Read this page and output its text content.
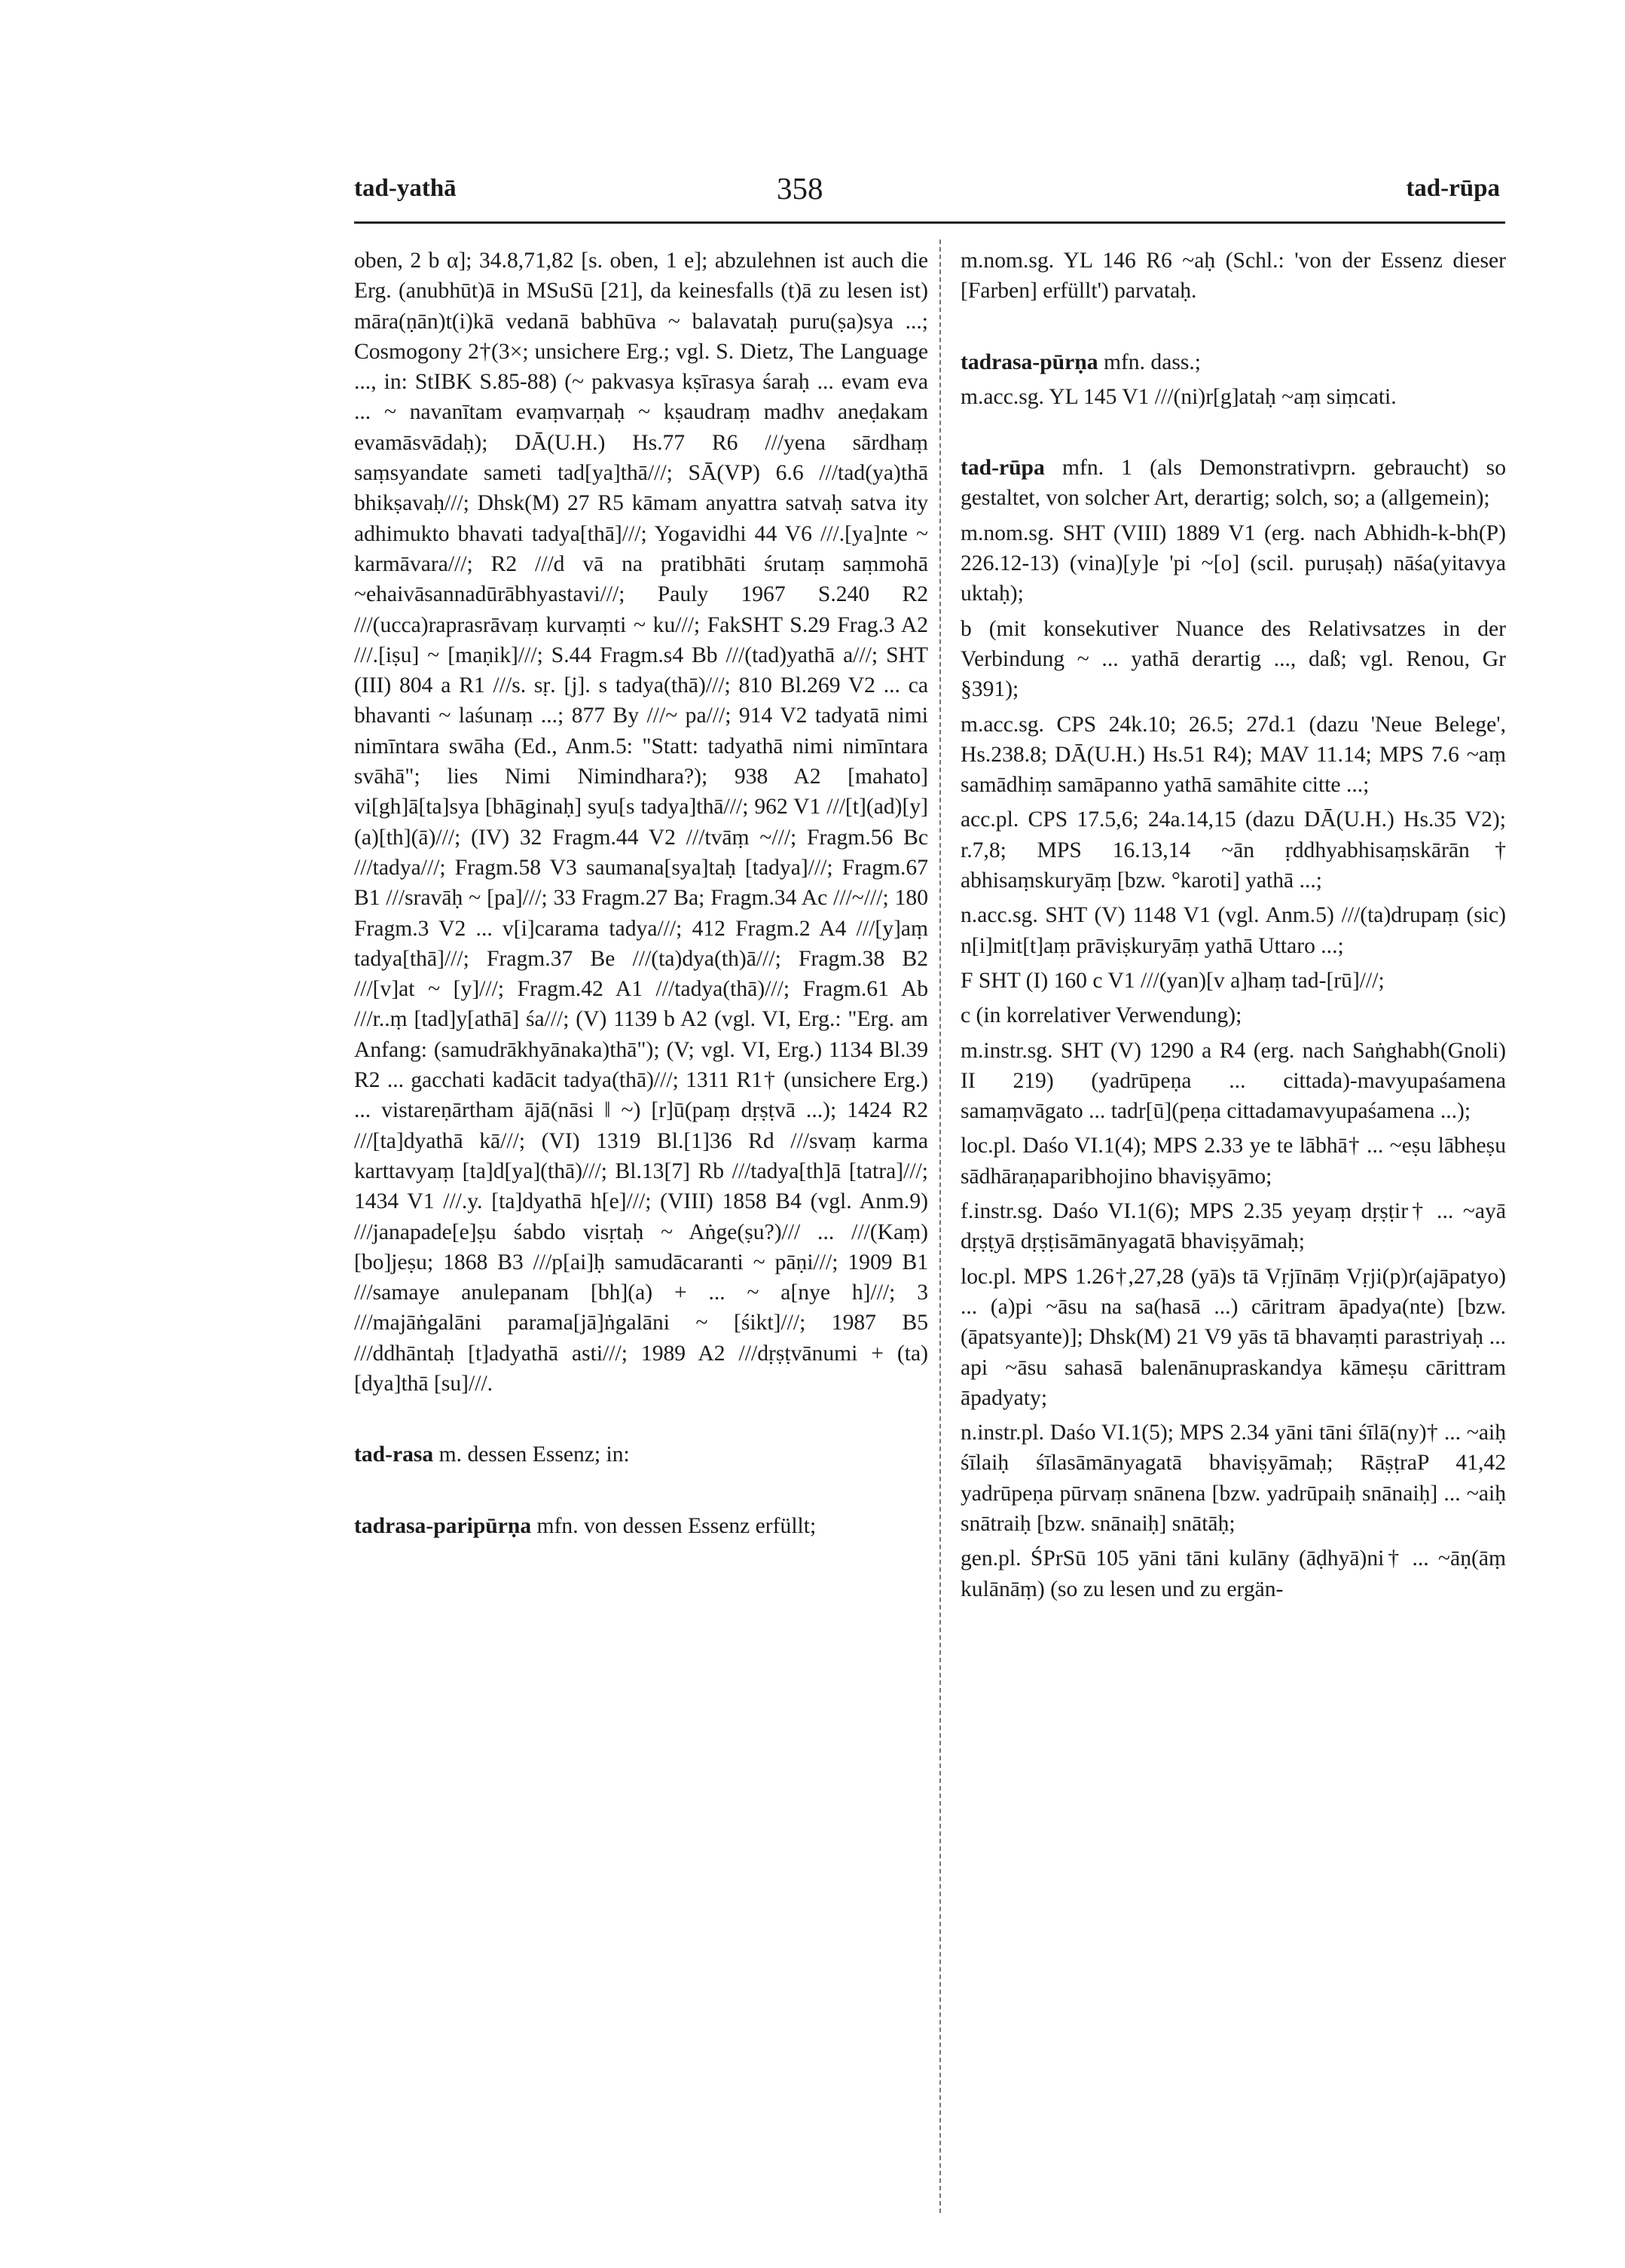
tad-yathā	358	tad-rūpa

oben, 2 b α]; 34.8,71,82 [s. oben, 1 e]; abzulehnen ist auch die Erg. (anubhūt)ā in MSuSū [21], da keinesfalls (t)ā zu lesen ist) māra(ṇān)t(i)kā vedanā babhūva ~ balavataḥ puru(ṣa)sya ...; Cosmogony 2†(3×; unsichere Erg.; vgl. S. Dietz, The Language ..., in: StIBK S.85-88) (~ pakvasya kṣīrasya śaraḥ ... evam eva ... ~ navanītam evaṃvarṇaḥ ~ kṣaudraṃ madhv aneḍakam evamāsvādaḥ); DĀ(U.H.) Hs.77 R6 ///yena sārdhaṃ saṃsyandate sameti tad[ya]thā///; SĀ(VP) 6.6 ///tad(ya)thā bhikṣavaḥ///; Dhsk(M) 27 R5 kāmam anyattra satvaḥ satva ity adhimukto bhavati tadya[thā]///; Yogavidhi 44 V6 ///.[ya]nte ~ karmāvara///; R2 ///d vā na pratibhāti śrutaṃ saṃmohā ~ehaivāsannadūrābhyastavi///; Pauly 1967 S.240 R2 ///(ucca)raprasrāvaṃ kurvaṃti ~ ku///; FakSHT S.29 Frag.3 A2 ///.[iṣu] ~ [maṇik]///; S.44 Fragm.s4 Bb ///(tad)yathā a///; SHT (III) 804 a R1 ///s. sṛ. [j]. s tadya(thā)///; 810 Bl.269 V2 ... ca bhavanti ~ laśunaṃ ...; 877 By ///~ pa///; 914 V2 tadyatā nimi nimīntara swāha (Ed., Anm.5: "Statt: tadyathā nimi nimīntara svāhā"; lies Nimi Nimindhara?); 938 A2 [mahato] vi[gh]ā[ta]sya [bhāginaḥ] syu[s tadya]thā///; 962 V1 ///[t](ad)[y](a)[th](ā)///; (IV) 32 Fragm.44 V2 ///tvāṃ ~///; Fragm.56 Bc ///tadya///; Fragm.58 V3 saumana[sya]taḥ [tadya]///; Fragm.67 B1 ///sravāḥ ~ [pa]///; 33 Fragm.27 Ba; Fragm.34 Ac ///~///; 180 Fragm.3 V2 ... v[i]carama tadya///; 412 Fragm.2 A4 ///[y]aṃ tadya[thā]///; Fragm.37 Be ///(ta)dya(th)ā///; Fragm.38 B2 ///[v]at ~ [y]///; Fragm.42 A1 ///tadya(thā)///; Fragm.61 Ab ///r..ṃ [tad]y[athā] śa///; (V) 1139 b A2 (vgl. VI, Erg.: "Erg. am Anfang: (samudrākhyānaka)thā"); (V; vgl. VI, Erg.) 1134 Bl.39 R2 ... gacchati kadācit tadya(thā)///; 1311 R1† (unsichere Erg.) ... vistareṇārtham ājā(nāsi ǁ ~) [r]ū(paṃ dṛṣṭvā ...); 1424 R2 ///[ta]dyathā kā///; (VI) 1319 Bl.[1]36 Rd ///svaṃ karma karttavyaṃ [ta]d[ya](thā)///; Bl.13[7] Rb ///tadya[th]ā [tatra]///; 1434 V1 ///.y. [ta]dyathā h[e]///; (VIII) 1858 B4 (vgl. Anm.9) ///janapade[e]ṣu śabdo visṛtaḥ ~ Aṅge(ṣu?)/// ... ///(Kaṃ)[bo]jeṣu; 1868 B3 ///p[ai]ḥ samudācaranti ~ pāṇi///; 1909 B1 ///samaye anulepanam [bh](a) + ... ~ a[nye h]///; 3 ///majāṅgalāni parama[jā]ṅgalāni ~ [śikt]///; 1987 B5 ///ddhāntaḥ [t]adyathā asti///; 1989 A2 ///dṛṣṭvānumi + (ta)[dya]thā [su]///.

tad-rasa m. dessen Essenz; in:

tadrasa-paripūrṇa mfn. von dessen Essenz erfüllt;

m.nom.sg. YL 146 R6 ~aḥ (Schl.: 'von der Essenz dieser [Farben] erfüllt') parvataḥ.

tadrasa-pūrṇa mfn. dass.;

m.acc.sg. YL 145 V1 ///(ni)r[g]ataḥ ~aṃ siṃcati.

tad-rūpa mfn. 1 (als Demonstrativprn. gebraucht) so gestaltet, von solcher Art, derartig; solch, so; a (allgemein);

m.nom.sg. SHT (VIII) 1889 V1 (erg. nach Abhidh-k-bh(P) 226.12-13) (vina)[y]e 'pi ~[o] (scil. puruṣaḥ) nāśa(yitavya uktaḥ);

b (mit konsekutiver Nuance des Relativsatzes in der Verbindung ~ ... yathā derartig ..., daß; vgl. Renou, Gr §391);

m.acc.sg. CPS 24k.10; 26.5; 27d.1 (dazu 'Neue Belege', Hs.238.8; DĀ(U.H.) Hs.51 R4); MAV 11.14; MPS 7.6 ~aṃ samādhiṃ samāpanno yathā samāhite citte ...;

acc.pl. CPS 17.5,6; 24a.14,15 (dazu DĀ(U.H.) Hs.35 V2); r.7,8; MPS 16.13,14 ~ān ṛddhyabhisaṃskārān† abhisaṃskuryāṃ [bzw. °karoti] yathā ...;

n.acc.sg. SHT (V) 1148 V1 (vgl. Anm.5) ///(ta)drupaṃ (sic) n[i]mit[t]aṃ prāviṣkuryāṃ yathā Uttaro ...;

F SHT (I) 160 c V1 ///(yan)[v a]haṃ tad-[rū]///;

c (in korrelativer Verwendung);

m.instr.sg. SHT (V) 1290 a R4 (erg. nach Saṅghabh(Gnoli) II 219) (yadrūpeṇa ... cittada)-mavyupaśamena samaṃvāgato ... tadr[ū](peṇa cittadamavyupaśamena ...);

loc.pl. Daśo VI.1(4); MPS 2.33 ye te lābhā† ... ~eṣu lābheṣu sādhāraṇaparibhojino bhaviṣyāmo;

f.instr.sg. Daśo VI.1(6); MPS 2.35 yeyaṃ dṛṣṭir† ... ~ayā dṛṣṭyā dṛṣṭisāmānyagatā bhaviṣyāmaḥ;

loc.pl. MPS 1.26†,27,28 (yā)s tā Vṛjīnāṃ Vṛji(p)r(ajāpatyo) ... (a)pi ~āsu na sa(hasā ...) cāritram āpadya(nte) [bzw. (āpatsyante)]; Dhsk(M) 21 V9 yās tā bhavaṃti parastriyaḥ ... api ~āsu sahasā balenānupraskandya kāmeṣu cārittram āpadyaty;

n.instr.pl. Daśo VI.1(5); MPS 2.34 yāni tāni śīlā(ny)† ... ~aiḥ śīlaiḥ śīlasāmānyagatā bhaviṣyāmaḥ; RāṣṭraP 41,42 yadrūpeṇa pūrvaṃ snānena [bzw. yadrūpaiḥ snānaiḥ] ... ~aiḥ snātraiḥ [bzw. snānaiḥ] snātāḥ;

gen.pl. ŚPrSū 105 yāni tāni kulāny (āḍhyā)ni† ... ~āṇ(āṃ kulānāṃ) (so zu lesen und zu ergän-
